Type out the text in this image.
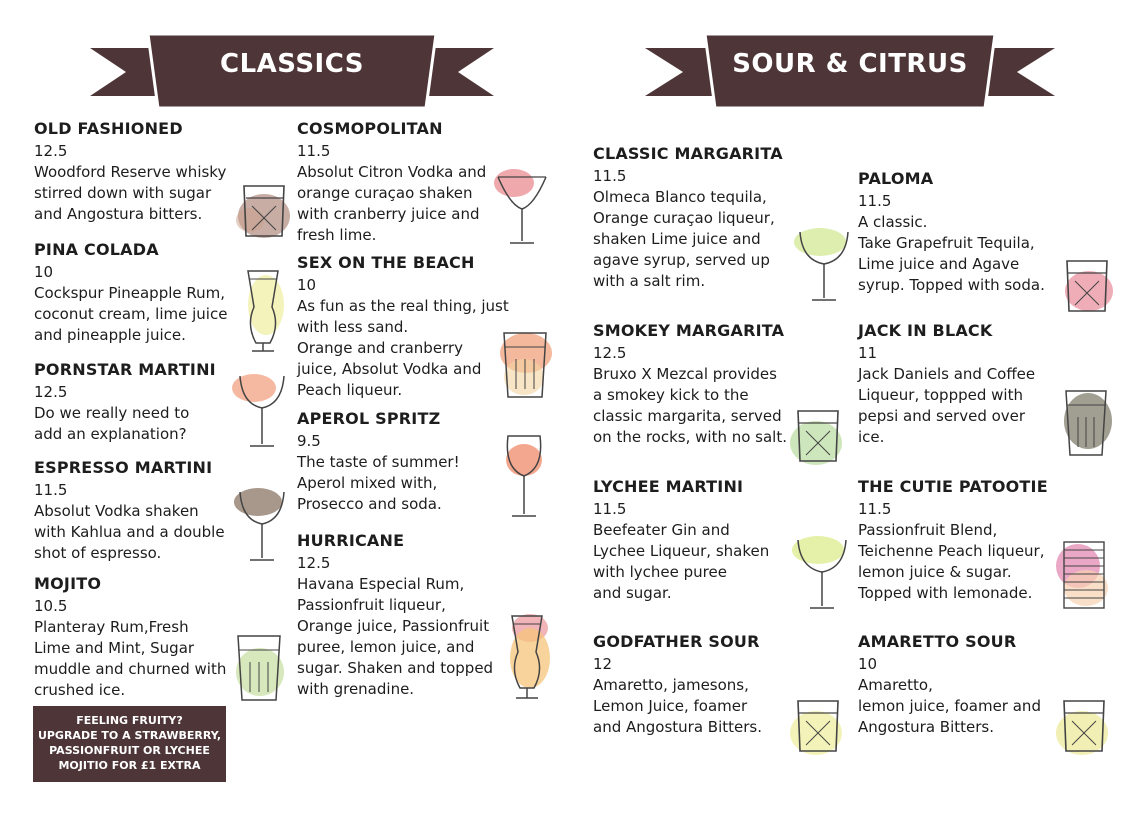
CLASSICS	SOUR & CITRUS
OLD FASHIONED
12.5
Woodford Reserve whisky
stirred down with sugar
and Angostura bitters.
PINA COLADA
10
Cockspur Pineapple Rum,
coconut cream, lime juice
and pineapple juice.
PORNSTAR MARTINI
12.5
Do we really need to
add an explanation?
ESPRESSO MARTINI
11.5
Absolut Vodka shaken
with Kahlua and a double
shot of espresso.
MOJITO
10.5
Planteray Rum,Fresh
Lime and Mint, Sugar
muddle and churned with
crushed ice.
FEELING FRUITY?
UPGRADE TO A STRAWBERRY,
PASSIONFRUIT OR LYCHEE
MOJITIO FOR £1 EXTRA
COSMOPOLITAN
11.5
Absolut Citron Vodka and
orange curaçao shaken
with cranberry juice and
fresh lime.
SEX ON THE BEACH
10
As fun as the real thing, just
with less sand.
Orange and cranberry
juice, Absolut Vodka and
Peach liqueur.
APEROL SPRITZ
9.5
The taste of summer!
Aperol mixed with,
Prosecco and soda.
HURRICANE
12.5
Havana Especial Rum,
Passionfruit liqueur,
Orange juice, Passionfruit
puree, lemon juice, and
sugar. Shaken and topped
with grenadine.
CLASSIC MARGARITA
11.5
Olmeca Blanco tequila,
Orange curaçao liqueur,
shaken Lime juice and
agave syrup, served up
with a salt rim.
SMOKEY MARGARITA
12.5
Bruxo X Mezcal provides
a smokey kick to the
classic margarita, served
on the rocks, with no salt.
LYCHEE MARTINI
11.5
Beefeater Gin and
Lychee Liqueur, shaken
with lychee puree
and sugar.
GODFATHER SOUR
12
Amaretto, jamesons,
Lemon Juice, foamer
and Angostura Bitters.
PALOMA
11.5
A classic.
Take Grapefruit Tequila,
Lime juice and Agave
syrup. Topped with soda.
JACK IN BLACK
11
Jack Daniels and Coffee
Liqueur, toppped with
pepsi and served over
ice.
THE CUTIE PATOOTIE
11.5
Passionfruit Blend,
Teichenne Peach liqueur,
lemon juice & sugar.
Topped with lemonade.
AMARETTO SOUR
10
Amaretto,
lemon juice, foamer and
Angostura Bitters.
